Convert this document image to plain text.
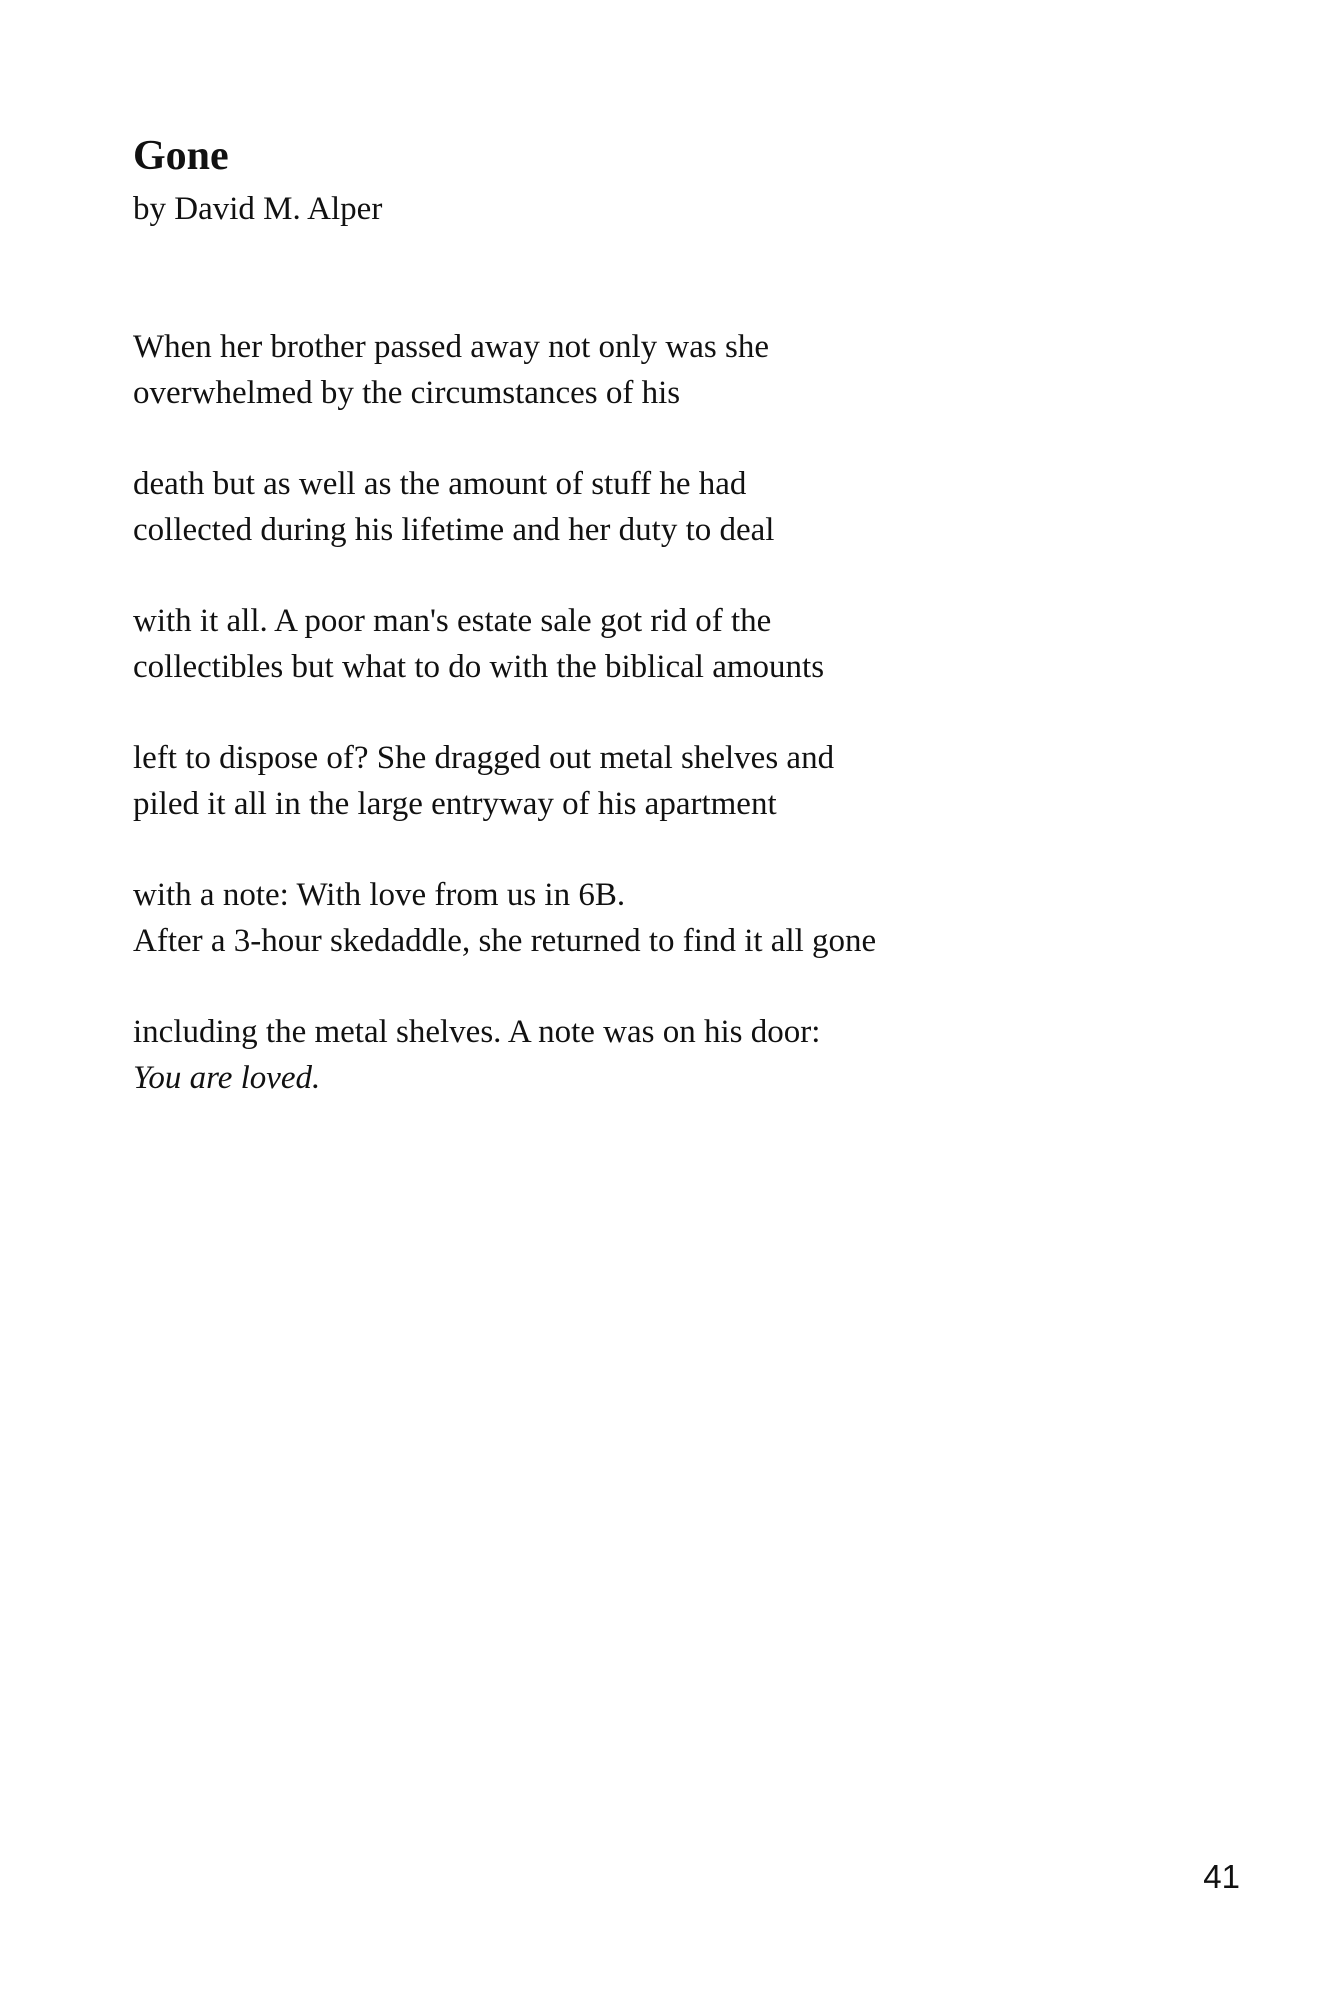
Gone

by David M. Alper

When her brother passed away not only was she
overwhelmed by the circumstances of his

death but as well as the amount of stuff he had
collected during his lifetime and her duty to deal

with it all. A poor man's estate sale got rid of the
collectibles but what to do with the biblical amounts

left to dispose of? She dragged out metal shelves and
piled it all in the large entryway of his apartment

with a note: With love from us in 6B.
After a 3-hour skedaddle, she returned to find it all gone

including the metal shelves. A note was on his door:
You are loved.

41
